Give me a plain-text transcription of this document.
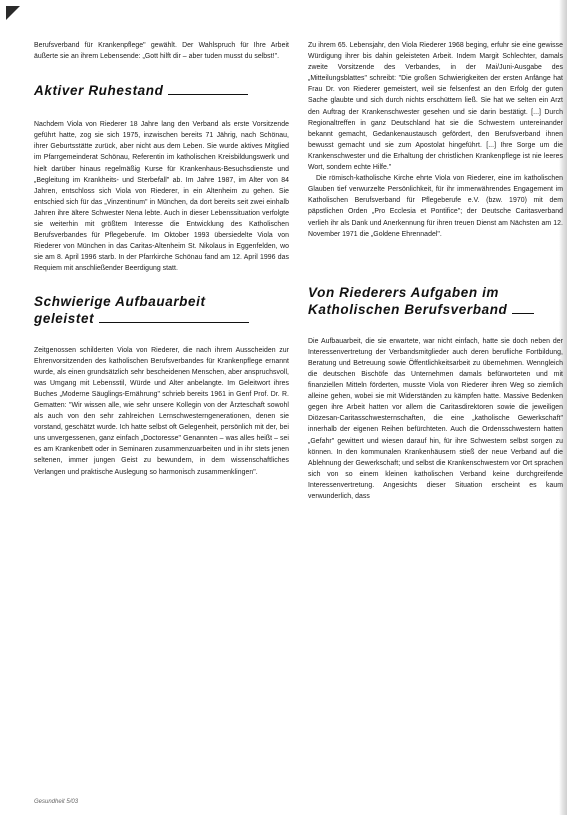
Berufsverband für Krankenpflege" gewählt. Der Wahlspruch für Ihre Arbeit äußerte sie an ihrem Lebensende: „Gott hilft dir – aber tuden musst du selbst!".

Aktiver Ruhestand

Nachdem Viola von Riederer 18 Jahre lang den Verband als erste Vorsitzende geführt hatte, zog sie sich 1975, inzwischen bereits 71 Jährig, nach Schönau, ihrer Geburtsstätte zurück, aber nicht aus dem Leben. Sie wurde aktives Mitglied im Pfarrgemeinderat Schönau, Referentin im katholischen Kreisbildungswerk und hielt darüber hinaus regelmäßig Kurse für Krankenhaus-Besuchsdienste und „Begleitung im Krankheits- und Sterbefall" ab. Im Jahre 1987, im Alter von 84 Jahren, entschloss sich Viola von Riederer, in ein Altenheim zu gehen. Sie entschied sich für das „Vinzentinum" in München, da dort bereits seit zwei einhalb Jahren ihre ältere Schwester Nena lebte. Auch in dieser Lebenssituation verfolgte sie weiterhin mit größtem Interesse die Entwicklung des Katholischen Berufsverbandes für Pflegeberufe. Im Oktober 1993 übersiedelte Viola von Riederer von München in das Caritas-Altenheim St. Nikolaus in Eggenfelden, wo sie am 8. April 1996 starb. In der Pfarrkirche Schönau fand am 12. April 1996 das Requiem mit anschließender Beerdigung statt.

Schwierige Aufbauarbeit
geleistet

Zeitgenossen schilderten Viola von Riederer, die nach ihrem Ausscheiden zur Ehrenvorsitzenden des katholischen Berufsverbandes für Krankenpflege ernannt wurde, als einen grundsätzlich sehr bescheidenen Menschen, aber anspruchsvoll, was Umgang mit Lebensstil, Würde und Alter anbelangte. Im Geleitwort ihres Buches „Moderne Säuglings-Ernährung" schrieb bereits 1961 in Genf Prof. Dr. R. Gematten: "Wir wissen alle, wie sehr unsere Kollegin von der Ärzteschaft sowohl als auch von den sehr zahlreichen Lernschwesterngenerationen, denen sie vorstand, geschätzt wurde. Ich hatte selbst oft Gelegenheit, persönlich mit der, bei uns unvergessenen, ganz einfach „Doctoresse" Genannten – was alles heißt – sei es am Krankenbett oder in Seminaren zusammenzuarbeiten und in ihr stets jenen seltenen, immer jungen Geist zu bewundern, in dem wissenschaftliches Verlangen und praktische Auslegung so harmonisch zusammenklingen".

Zu ihrem 65. Lebensjahr, den Viola Riederer 1968 beging, erfuhr sie eine gewisse Würdigung ihrer bis dahin geleisteten Arbeit. Indem Margit Schlechter, damals zweite Vorsitzende des Verbandes, in der Mai/Juni-Ausgabe des „Mitteilungsblattes" schreibt: "Die großen Schwierigkeiten der ersten Anfänge hat Frau Dr. von Riederer gemeistert, weil sie felsenfest an den Erfolg der guten Sache glaubte und sich durch nichts erschüttern ließ. Sie hat we selten ein Arzt den Auftrag der Krankenschwester gesehen und sie darin bestätigt. [...] Durch Regionaltreffen in ganz Deutschland hat sie die Schwestern untereinander bekannt gemacht, Gedankenaustausch gefördert, den Berufsverband ihnen bewusst gemacht und sie zum Apostolat hingeführt. [...] Ihre Sorge um die Krankenschwester und die Erhaltung der christlichen Krankenpflege ist nie leeres Wort, sondern echte Hilfe."

Die römisch-katholische Kirche ehrte Viola von Riederer, eine im katholischen Glauben tief verwurzelte Persönlichkeit, für ihr immerwährendes Engagement im Katholischen Berufsverband für Pflegeberufe e.V. (bzw. 1970) mit dem päpstlichen Orden „Pro Ecclesia et Pontifice"; der Deutsche Caritasverband verlieh ihr als Dank und Anerkennung für ihren treuen Dienst am Nächsten am 12. November 1971 die „Goldene Ehrennadel".

Von Riederers Aufgaben im
Katholischen Berufsverband

Die Aufbauarbeit, die sie erwartete, war nicht einfach, hatte sie doch neben der Interessenvertretung der Verbandsmitglieder auch deren berufliche Fortbildung, Beratung und Betreuung sowie Öffentlichkeitsarbeit zu übernehmen. Wenngleich die deutschen Bischöfe das Unternehmen damals befürworteten und mit finanziellen Mitteln förderten, musste Viola von Riederer ihren Weg so ziemlich alleine gehen, wobei sie mit Widerständen zu kämpfen hatte. Massive Bedenken gegen ihre Arbeit hatten vor allem die Caritasdirektoren sowie die jeweiligen Diözesan-Caritasschwesternschaften, die eine „katholische Gewerkschaft" innerhalb der eigenen Reihen befürchteten. Auch die Ordensschwestern hatten „Gefahr" gewittert und wiesen darauf hin, für ihre Schwestern selbst sorgen zu können. In den kommunalen Krankenhäusern stieß der neue Verband auf die Ablehnung der Gewerkschaft; und selbst die Krankenschwestern vor Ort sprachen sich von so einem kleinen katholischen Verband keine durchgreifende Interessenvertretung. Angesichts dieser Situation erscheint es kaum verwunderlich, dass

Gesundheit 5/03
